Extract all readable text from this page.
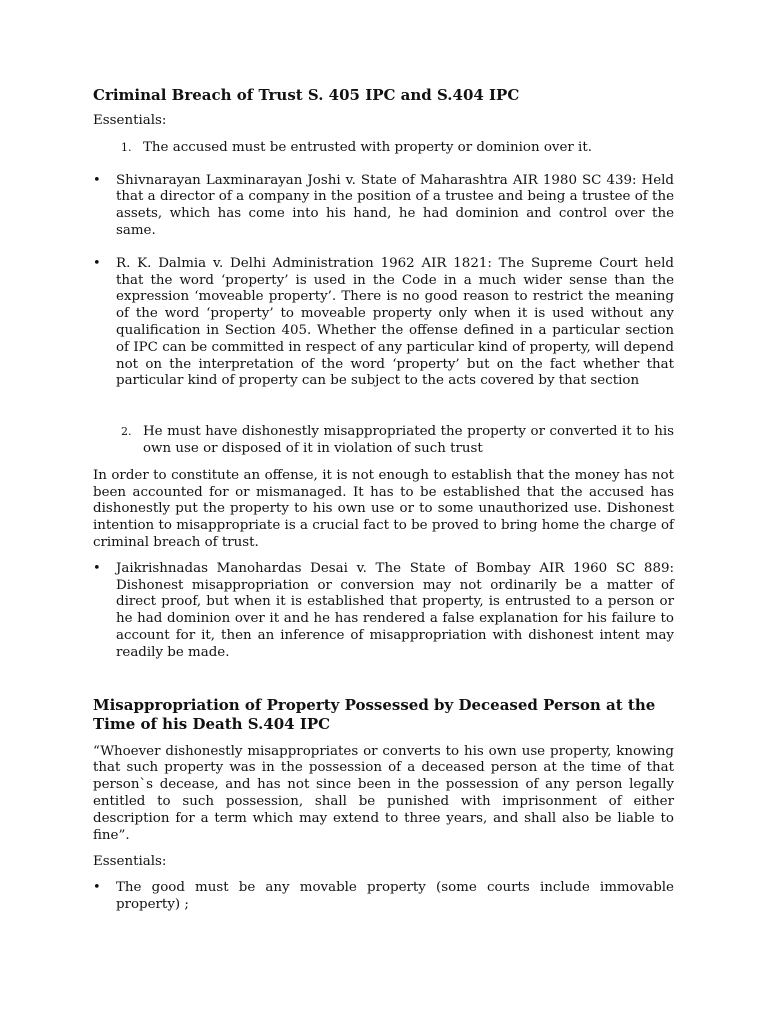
Criminal Breach of Trust S. 405 IPC and S.404 IPC

Essentials:

1. The accused must be entrusted with property or dominion over it.
•	Shivnarayan Laxminarayan Joshi v. State of Maharashtra AIR 1980 SC 439: Held that a director of a company in the position of a trustee and being a trustee of the assets, which has come into his hand, he had dominion and control over the same.
•	R. K. Dalmia v. Delhi Administration 1962 AIR 1821: The Supreme Court held that the word ‘property’ is used in the Code in a much wider sense than the expression ‘moveable property’. There is no good reason to restrict the meaning of the word ‘property’ to moveable property only when it is used without any qualification in Section 405. Whether the offense defined in a particular section of IPC can be committed in respect of any particular kind of property, will depend not on the interpretation of the word ‘property’ but on the fact whether that particular kind of property can be subject to the acts covered by that section
2. He must have dishonestly misappropriated the property or converted it to his own use or disposed of it in violation of such trust

In order to constitute an offense, it is not enough to establish that the money has not been accounted for or mismanaged. It has to be established that the accused has dishonestly put the property to his own use or to some unauthorized use. Dishonest intention to misappropriate is a crucial fact to be proved to bring home the charge of criminal breach of trust.

•	Jaikrishnadas Manohardas Desai v. The State of Bombay AIR 1960 SC 889: Dishonest misappropriation or conversion may not ordinarily be a matter of direct proof, but when it is established that property, is entrusted to a person or he had dominion over it and he has rendered a false explanation for his failure to account for it, then an inference of misappropriation with dishonest intent may readily be made.
Misappropriation of Property Possessed by Deceased Person at the Time of his Death S.404 IPC

“Whoever dishonestly misappropriates or converts to his own use property, knowing that such property was in the possession of a deceased person at the time of that person`s decease, and has not since been in the possession of any person legally entitled to such possession, shall be punished with imprisonment of either description for a term which may extend to three years, and shall also be liable to fine”.

Essentials:

•	The good must be any movable property (some courts include immovable property) ;
